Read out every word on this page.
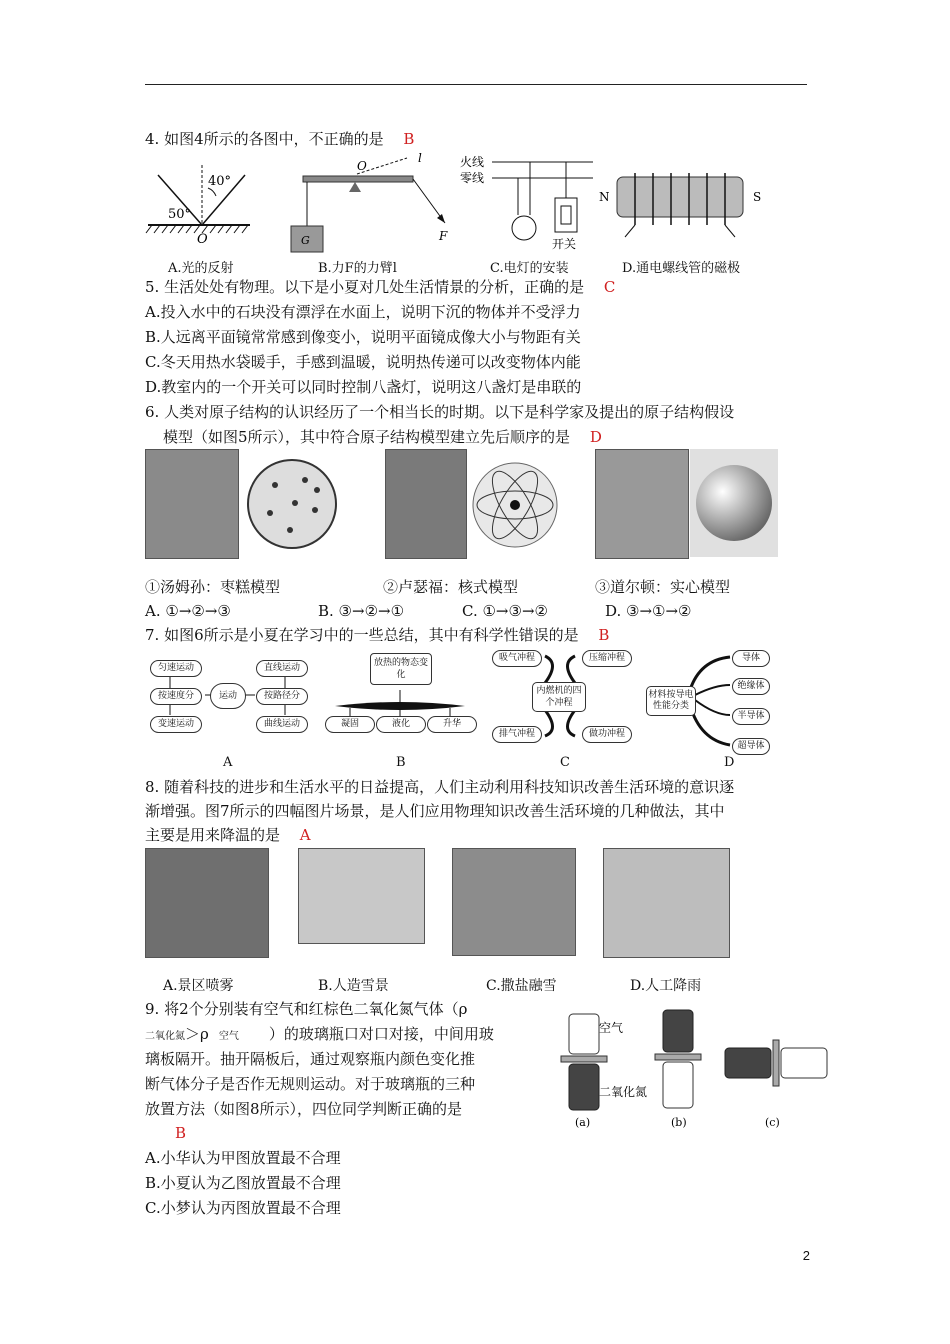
4. 如图4所示的各图中，不正确的是　 B
40°
50°
O	G
O
l
F
火线
零线
开关
N	S
A.光的反射	B.力F的力臂l	C.电灯的安装	D.通电螺线管的磁极
5. 生活处处有物理。以下是小夏对几处生活情景的分析，正确的是　 C
A.投入水中的石块没有漂浮在水面上，说明下沉的物体并不受浮力
B.人远离平面镜常常感到像变小，说明平面镜成像大小与物距有关
C.冬天用热水袋暖手，手感到温暖，说明热传递可以改变物体内能
D.教室内的一个开关可以同时控制八盏灯，说明这八盏灯是串联的
6. 人类对原子结构的认识经历了一个相当长的时期。以下是科学家及提出的原子结构假设
模型（如图5所示），其中符合原子结构模型建立先后顺序的是　 D
①汤姆孙：枣糕模型	②卢瑟福：核式模型	③道尔顿：实心模型
A. ①→②→③	B. ③→②→①	C. ①→③→②	D. ③→①→②
7. 如图6所示是小夏在学习中的一些总结，其中有科学性错误的是　 B
匀速运动
按速度分
变速运动
运动
直线运动
按路径分
曲线运动
放热的物态变化
凝固	液化	升华
吸气冲程	压缩冲程
内燃机的四个冲程
排气冲程	做功冲程
材料按导电性能分类
导体
绝缘体
半导体
超导体
A	B	C	D
8. 随着科技的进步和生活水平的日益提高，人们主动利用科技知识改善生活环境的意识逐
渐增强。图7所示的四幅图片场景，是人们应用物理知识改善生活环境的几种做法，其中
主要是用来降温的是　 A
A.景区喷雾	B.人造雪景	C.撒盐融雪	D.人工降雨
9. 将2个分别装有空气和红棕色二氧化氮气体（ρ
二氧化氮＞ρ　 空气　　 ）的玻璃瓶口对口对接，中间用玻
璃板隔开。抽开隔板后，通过观察瓶内颜色变化推
断气体分子是否作无规则运动。对于玻璃瓶的三种
放置方法（如图8所示），四位同学判断正确的是
B
空气
二氧化氮
(a)	(b)	(c)
A.小华认为甲图放置最不合理
B.小夏认为乙图放置最不合理
C.小梦认为丙图放置最不合理
2
